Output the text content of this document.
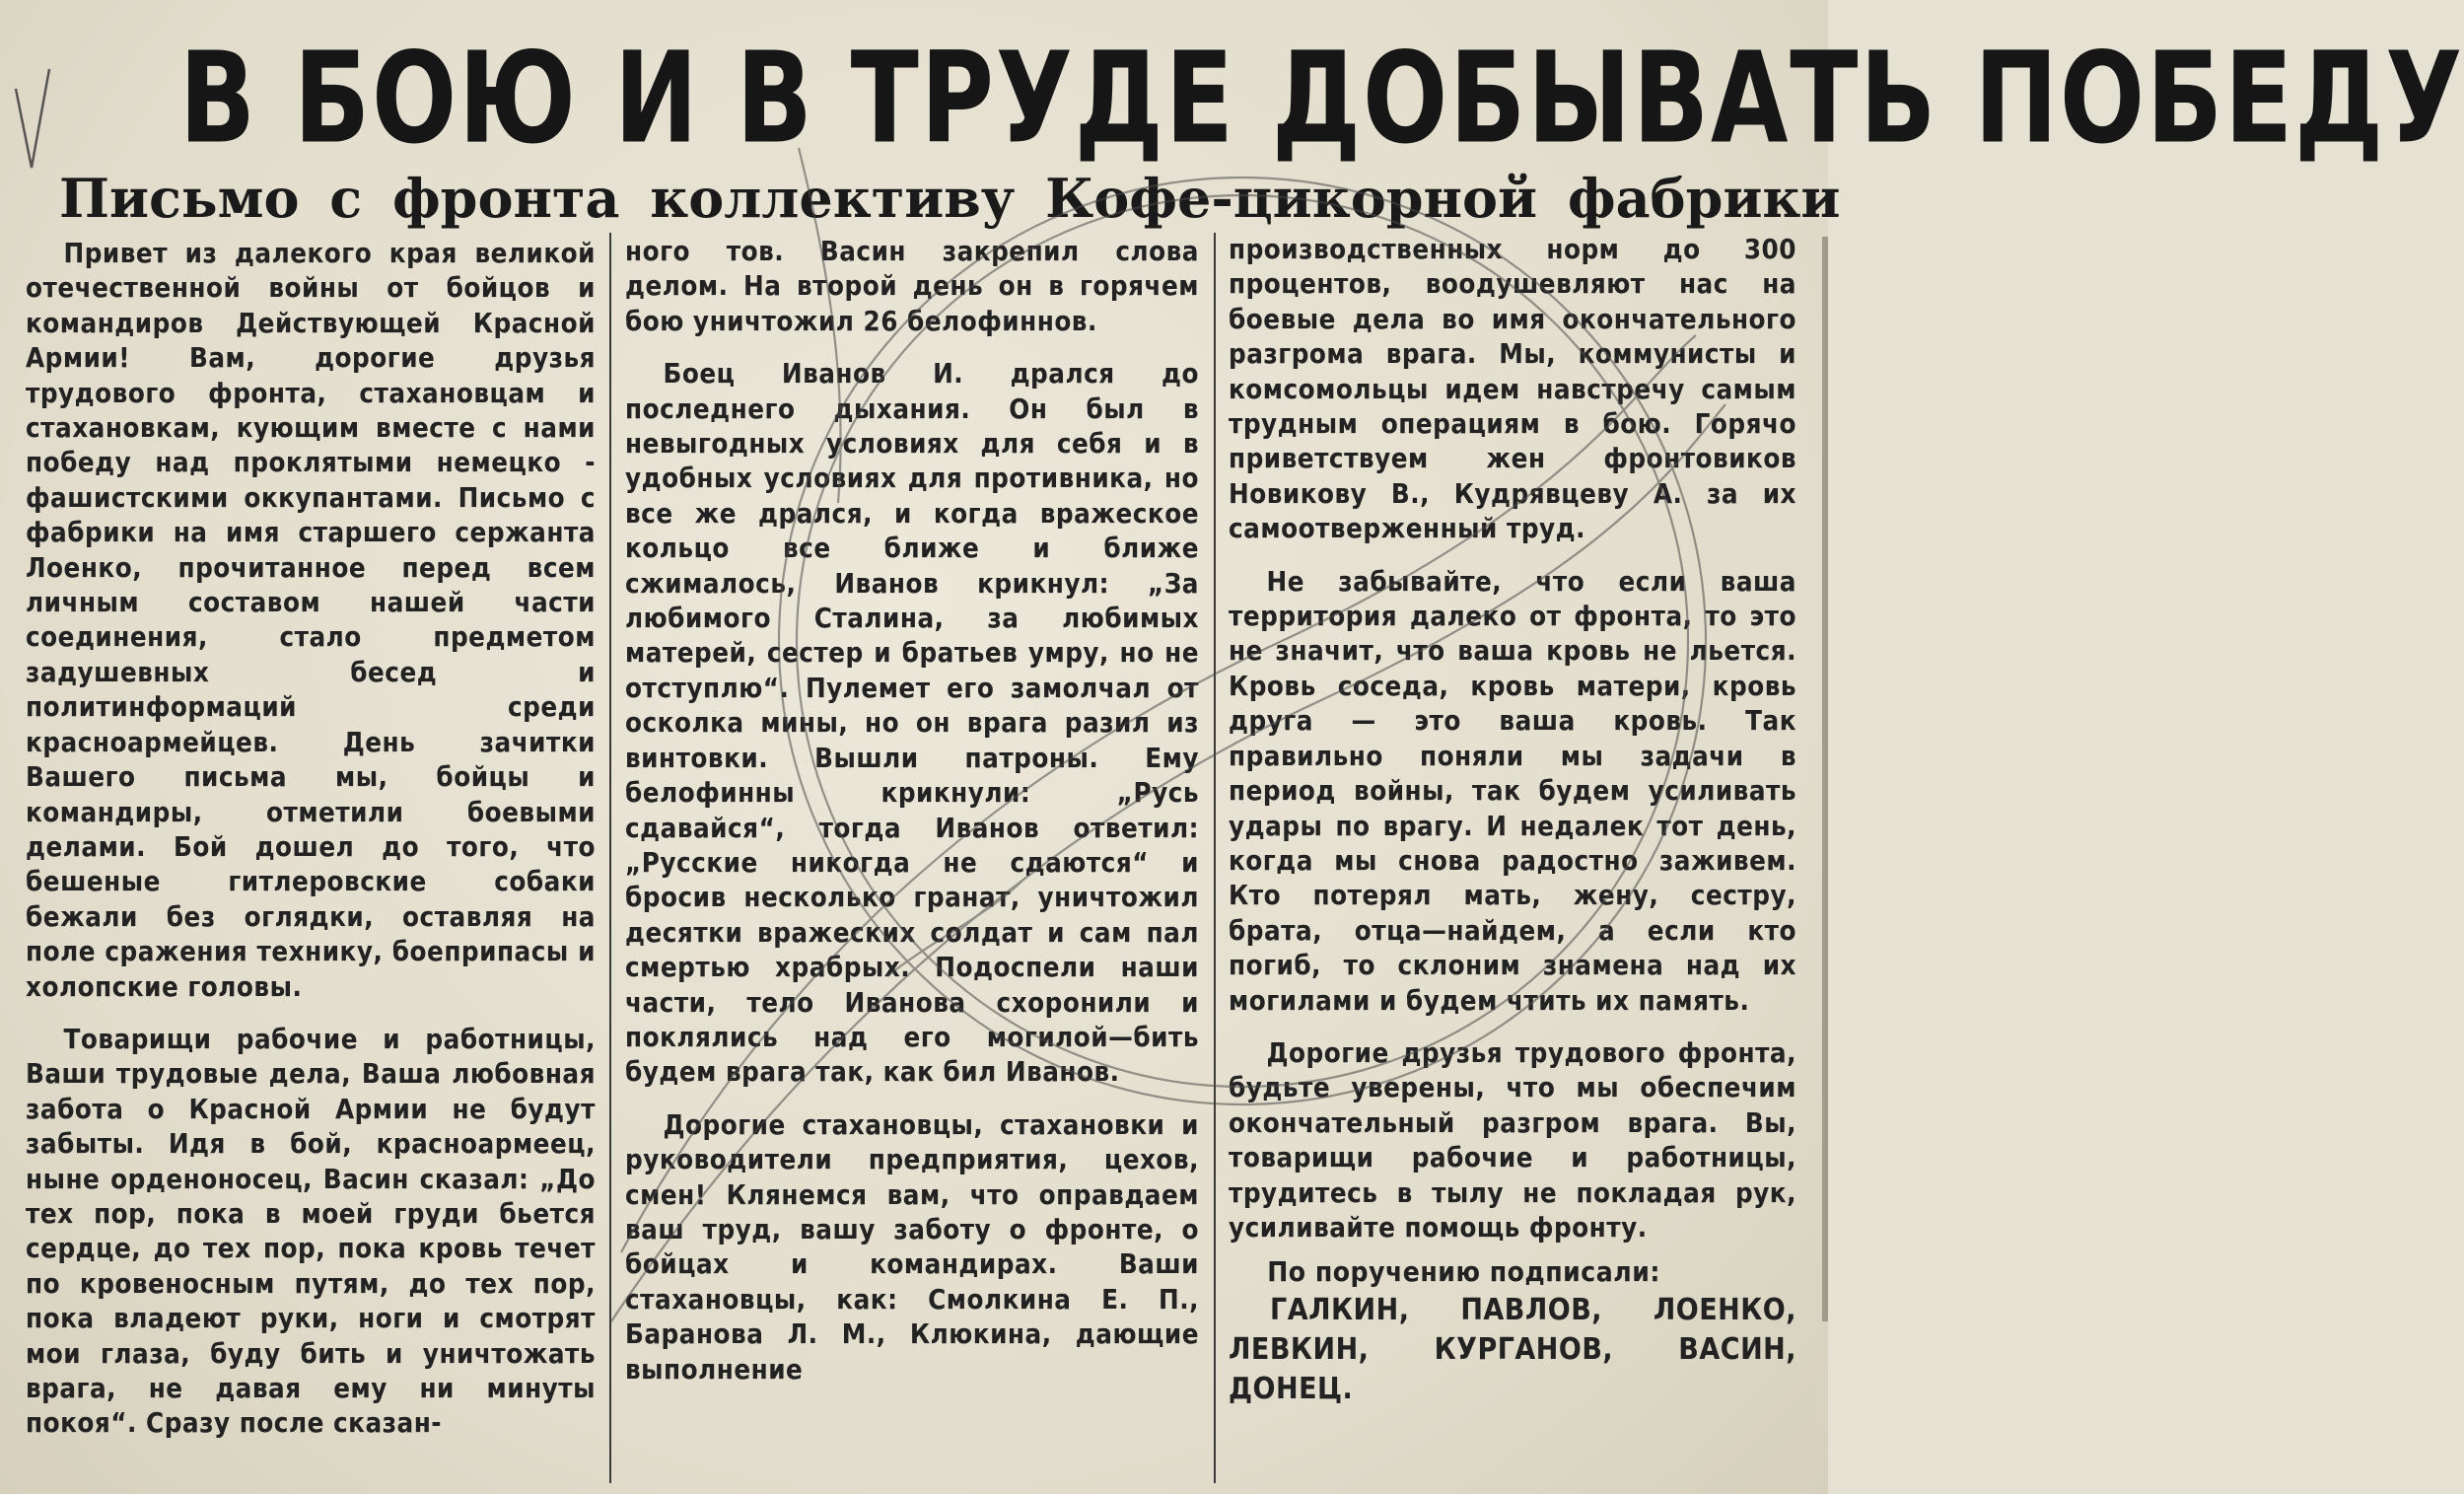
В БОЮ И В ТРУДЕ ДОБЫВАТЬ ПОБЕДУ
Письмо с фронта коллективу Кофе-цикорной фабрики

Привет из далекого края великой отечественной войны от бойцов и командиров Действующей Красной Армии! Вам, дорогие друзья трудового фронта, стахановцам и стахановкам, кующим вместе с нами победу над проклятыми немецко - фашистскими оккупантами. Письмо с фабрики на имя старшего сержанта Лоенко, прочитанное перед всем личным составом нашей части соединения, стало предметом задушевных бесед и политинформаций среди красноармейцев. День зачитки Вашего письма мы, бойцы и командиры, отметили боевыми делами. Бой дошел до того, что бешеные гитлеровские собаки бежали без оглядки, оставляя на поле сражения технику, боеприпасы и холопские головы.

Товарищи рабочие и работницы, Ваши трудовые дела, Ваша любовная забота о Красной Армии не будут забыты. Идя в бой, красноармеец, ныне орденоносец, Васин сказал: „До тех пор, пока в моей груди бьется сердце, до тех пор, пока кровь течет по кровеносным путям, до тех пор, пока владеют руки, ноги и смотрят мои глаза, буду бить и уничтожать врага, не давая ему ни минуты покоя“. Сразу после сказан-

ного тов. Васин закрепил слова делом. На второй день он в горячем бою уничтожил 26 белофиннов.

Боец Иванов И. дрался до последнего дыхания. Он был в невыгодных условиях для себя и в удобных условиях для противника, но все же дрался, и когда вражеское кольцо все ближе и ближе сжималось, Иванов крикнул: „За любимого Сталина, за любимых матерей, сестер и братьев умру, но не отступлю“. Пулемет его замолчал от осколка мины, но он врага разил из винтовки. Вышли патроны. Ему белофинны крикнули: „Русь сдавайся“, тогда Иванов ответил: „Русские никогда не сдаются“ и бросив несколько гранат, уничтожил десятки вражеских солдат и сам пал смертью храбрых. Подоспели наши части, тело Иванова схоронили и поклялись над его могилой—бить будем врага так, как бил Иванов.

Дорогие стахановцы, стахановки и руководители предприятия, цехов, смен! Клянемся вам, что оправдаем ваш труд, вашу заботу о фронте, о бойцах и командирах. Ваши стахановцы, как: Смолкина Е. П., Баранова Л. М., Клюкина, дающие выполнение

производственных норм до 300 процентов, воодушевляют нас на боевые дела во имя окончательного разгрома врага. Мы, коммунисты и комсомольцы идем навстречу самым трудным операциям в бою. Горячо приветствуем жен фронтовиков Новикову В., Кудрявцеву А. за их самоотверженный труд.

Не забывайте, что если ваша территория далеко от фронта, то это не значит, что ваша кровь не льется. Кровь соседа, кровь матери, кровь друга — это ваша кровь. Так правильно поняли мы задачи в период войны, так будем усиливать удары по врагу. И недалек тот день, когда мы снова радостно заживем. Кто потерял мать, жену, сестру, брата, отца—найдем, а если кто погиб, то склоним знамена над их могилами и будем чтить их память.

Дорогие друзья трудового фронта, будьте уверены, что мы обеспечим окончательный разгром врага. Вы, товарищи рабочие и работницы, трудитесь в тылу не покладая рук, усиливайте помощь фронту.

По поручению подписали:
ГАЛКИН, ПАВЛОВ, ЛОЕНКО, ЛЕВКИН, КУРГАНОВ, ВАСИН, ДОНЕЦ.
